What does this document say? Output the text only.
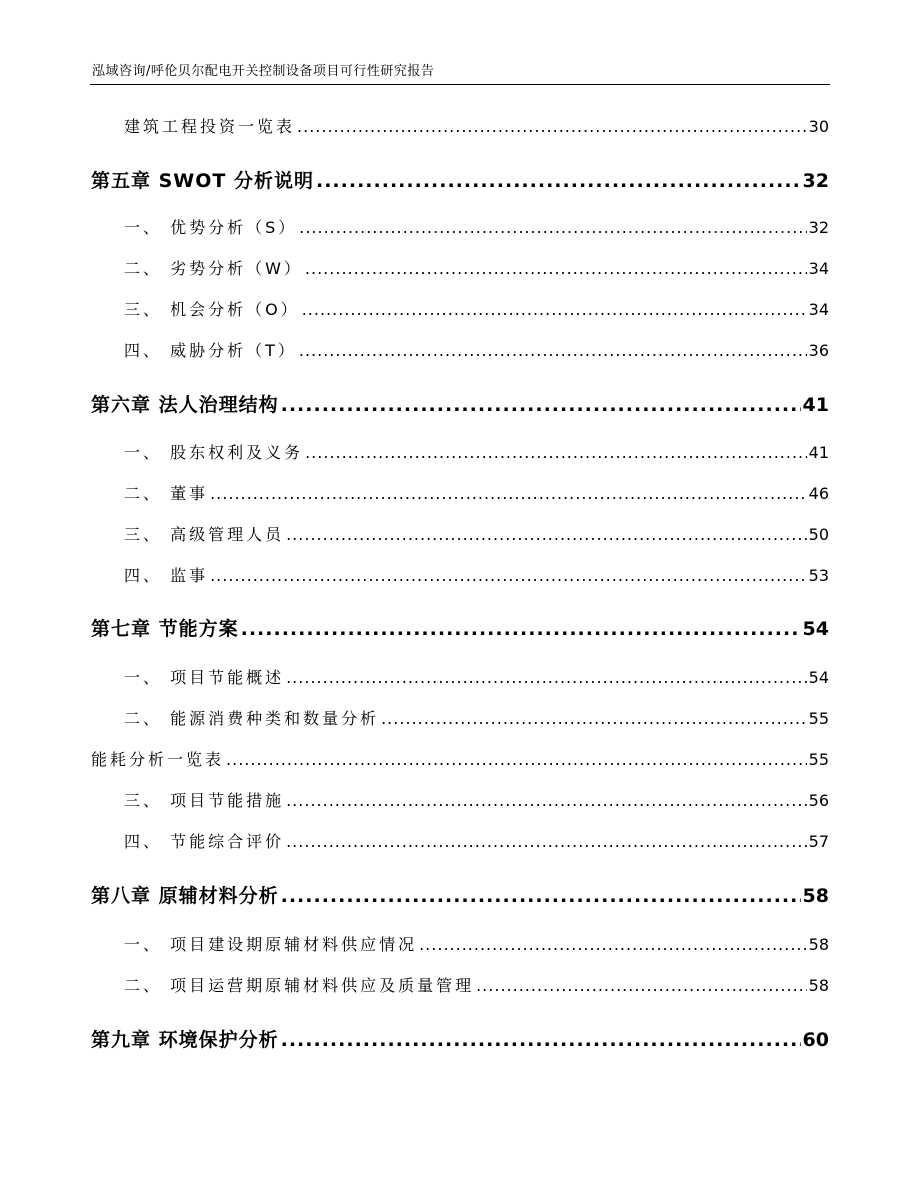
泓域咨询/呼伦贝尔配电开关控制设备项目可行性研究报告
建筑工程投资一览表 .....	30
第五章 SWOT 分析说明 .....	32
一、 优势分析（S） .....	32
二、 劣势分析（W） .....	34
三、 机会分析（O） .....	34
四、 威胁分析（T） .....	36
第六章 法人治理结构 .....	41
一、 股东权利及义务 .....	41
二、 董事 .....	46
三、 高级管理人员 .....	50
四、 监事 .....	53
第七章 节能方案 .....	54
一、 项目节能概述 .....	54
二、 能源消费种类和数量分析 .....	55
能耗分析一览表 .....	55
三、 项目节能措施 .....	56
四、 节能综合评价 .....	57
第八章 原辅材料分析 .....	58
一、 项目建设期原辅材料供应情况 .....	58
二、 项目运营期原辅材料供应及质量管理 .....	58
第九章 环境保护分析 .....	60
